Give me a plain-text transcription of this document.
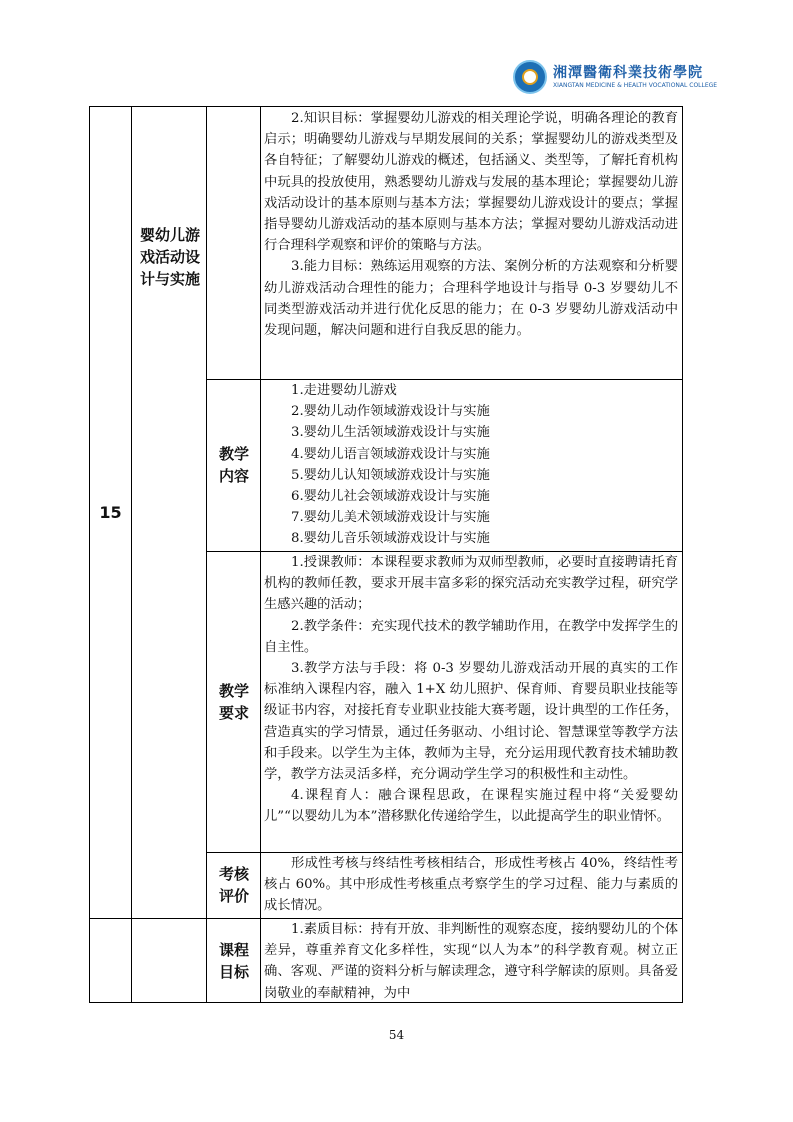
湘潭醫衛科業技術學院
XIANGTAN MEDICINE & HEALTH VOCATIONAL COLLEGE
15
婴幼儿游戏活动设计与实施

2.知识目标：掌握婴幼儿游戏的相关理论学说，明确各理论的教育启示；明确婴幼儿游戏与早期发展间的关系；掌握婴幼儿的游戏类型及各自特征；了解婴幼儿游戏的概述，包括涵义、类型等，了解托育机构中玩具的投放使用，熟悉婴幼儿游戏与发展的基本理论；掌握婴幼儿游戏活动设计的基本原则与基本方法；掌握婴幼儿游戏设计的要点；掌握指导婴幼儿游戏活动的基本原则与基本方法；掌握对婴幼儿游戏活动进行合理科学观察和评价的策略与方法。

3.能力目标：熟练运用观察的方法、案例分析的方法观察和分析婴幼儿游戏活动合理性的能力；合理科学地设计与指导 0-3 岁婴幼儿不同类型游戏活动并进行优化反思的能力；在 0-3 岁婴幼儿游戏活动中发现问题，解决问题和进行自我反思的能力。

教学内容

1.走进婴幼儿游戏

2.婴幼儿动作领域游戏设计与实施

3.婴幼儿生活领域游戏设计与实施

4.婴幼儿语言领域游戏设计与实施

5.婴幼儿认知领域游戏设计与实施

6.婴幼儿社会领域游戏设计与实施

7.婴幼儿美术领域游戏设计与实施

8.婴幼儿音乐领域游戏设计与实施

教学要求

1.授课教师：本课程要求教师为双师型教师，必要时直接聘请托育机构的教师任教，要求开展丰富多彩的探究活动充实教学过程，研究学生感兴趣的活动；

2.教学条件：充实现代技术的教学辅助作用，在教学中发挥学生的自主性。

3.教学方法与手段：将 0-3 岁婴幼儿游戏活动开展的真实的工作标准纳入课程内容，融入 1+X 幼儿照护、保育师、育婴员职业技能等级证书内容，对接托育专业职业技能大赛考题，设计典型的工作任务，营造真实的学习情景，通过任务驱动、小组讨论、智慧课堂等教学方法和手段来。以学生为主体，教师为主导，充分运用现代教育技术辅助教学，教学方法灵活多样，充分调动学生学习的积极性和主动性。

4.课程育人：融合课程思政，在课程实施过程中将“关爱婴幼儿”“以婴幼儿为本”潜移默化传递给学生，以此提高学生的职业情怀。

考核评价

形成性考核与终结性考核相结合，形成性考核占 40%，终结性考核占 60%。其中形成性考核重点考察学生的学习过程、能力与素质的成长情况。

课程目标

1.素质目标：持有开放、非判断性的观察态度，接纳婴幼儿的个体差异，尊重养育文化多样性，实现“以人为本”的科学教育观。树立正确、客观、严谨的资料分析与解读理念，遵守科学解读的原则。具备爱岗敬业的奉献精神，为中

54
